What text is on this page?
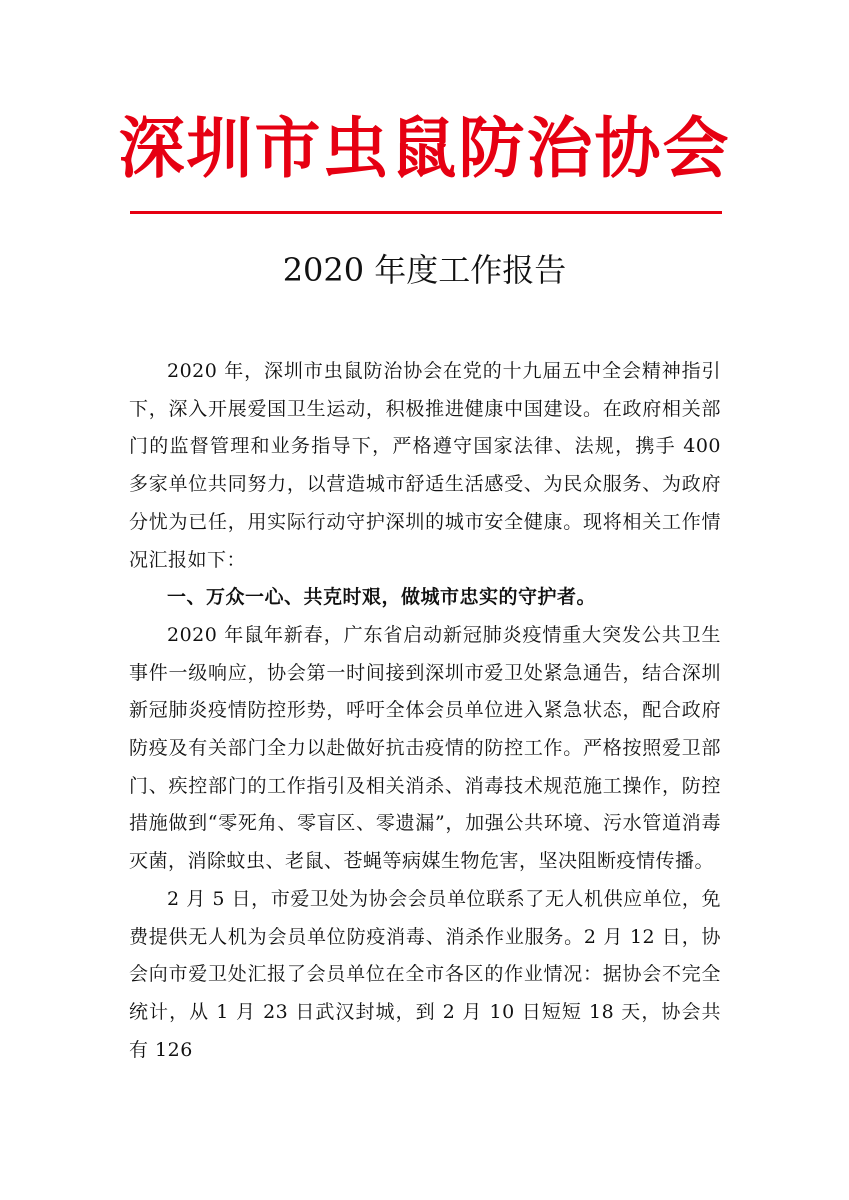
深圳市虫鼠防治协会
2020 年度工作报告

2020 年，深圳市虫鼠防治协会在党的十九届五中全会精神指引下，深入开展爱国卫生运动，积极推进健康中国建设。在政府相关部门的监督管理和业务指导下，严格遵守国家法律、法规，携手 400 多家单位共同努力，以营造城市舒适生活感受、为民众服务、为政府分忧为已任，用实际行动守护深圳的城市安全健康。现将相关工作情况汇报如下：

一、万众一心、共克时艰，做城市忠实的守护者。

2020 年鼠年新春，广东省启动新冠肺炎疫情重大突发公共卫生事件一级响应，协会第一时间接到深圳市爱卫处紧急通告，结合深圳新冠肺炎疫情防控形势，呼吁全体会员单位进入紧急状态，配合政府防疫及有关部门全力以赴做好抗击疫情的防控工作。严格按照爱卫部门、疾控部门的工作指引及相关消杀、消毒技术规范施工操作，防控措施做到“零死角、零盲区、零遗漏”，加强公共环境、污水管道消毒灭菌，消除蚊虫、老鼠、苍蝇等病媒生物危害，坚决阻断疫情传播。

2 月 5 日，市爱卫处为协会会员单位联系了无人机供应单位，免费提供无人机为会员单位防疫消毒、消杀作业服务。2 月 12 日，协会向市爱卫处汇报了会员单位在全市各区的作业情况：据协会不完全统计，从 1 月 23 日武汉封城，到 2 月 10 日短短 18 天，协会共有 126
